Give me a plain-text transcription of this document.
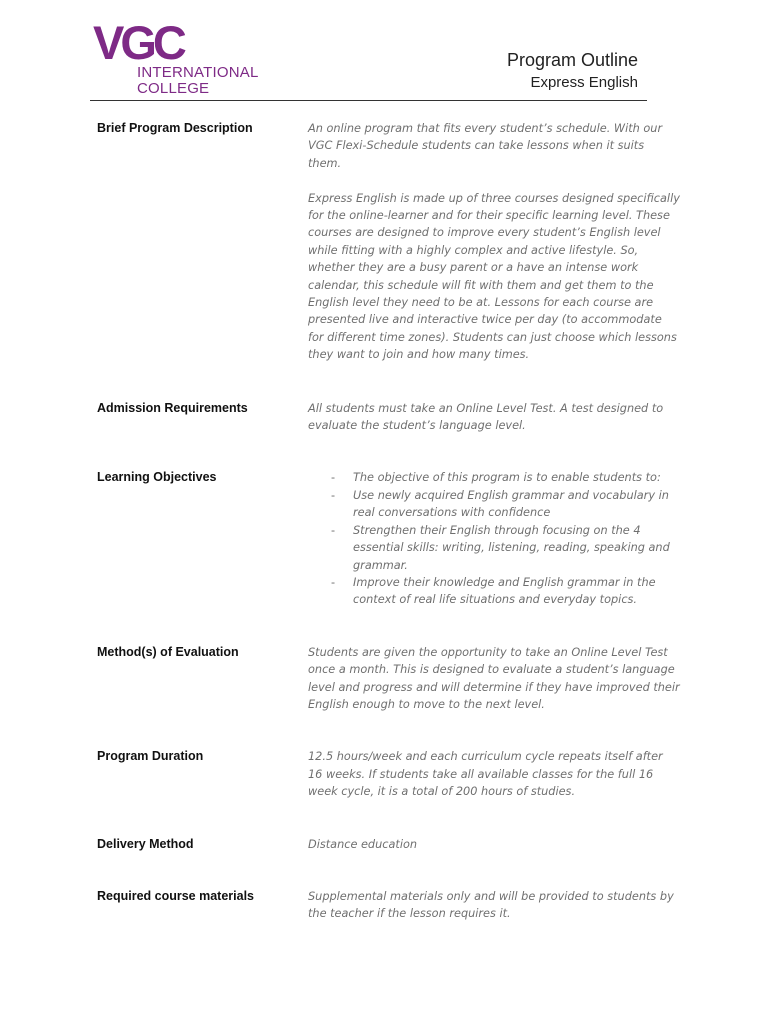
VGC
INTERNATIONAL
COLLEGE
Program Outline
Express English
Brief Program Description	An online program that fits every student’s schedule. With our VGC Flexi-Schedule students can take lessons when it suits them.

Express English is made up of three courses designed specifically for the online-learner and for their specific learning level. These courses are designed to improve every student’s English level while fitting with a highly complex and active lifestyle. So, whether they are a busy parent or a have an intense work calendar, this schedule will fit with them and get them to the English level they need to be at. Lessons for each course are presented live and interactive twice per day (to accommodate for different time zones). Students can just choose which lessons they want to join and how many times.

Admission Requirements	All students must take an Online Level Test. A test designed to evaluate the student’s language level.

Learning Objectives	- The objective of this program is to enable students to:
- Use newly acquired English grammar and vocabulary in real conversations with confidence
- Strengthen their English through focusing on the 4 essential skills: writing, listening, reading, speaking and grammar.
- Improve their knowledge and English grammar in the context of real life situations and everyday topics.
Method(s) of Evaluation	Students are given the opportunity to take an Online Level Test once a month. This is designed to evaluate a student’s language level and progress and will determine if they have improved their English enough to move to the next level.

Program Duration	12.5 hours/week and each curriculum cycle repeats itself after 16 weeks. If students take all available classes for the full 16 week cycle, it is a total of 200 hours of studies.

Delivery Method	Distance education

Required course materials	Supplemental materials only and will be provided to students by the teacher if the lesson requires it.
